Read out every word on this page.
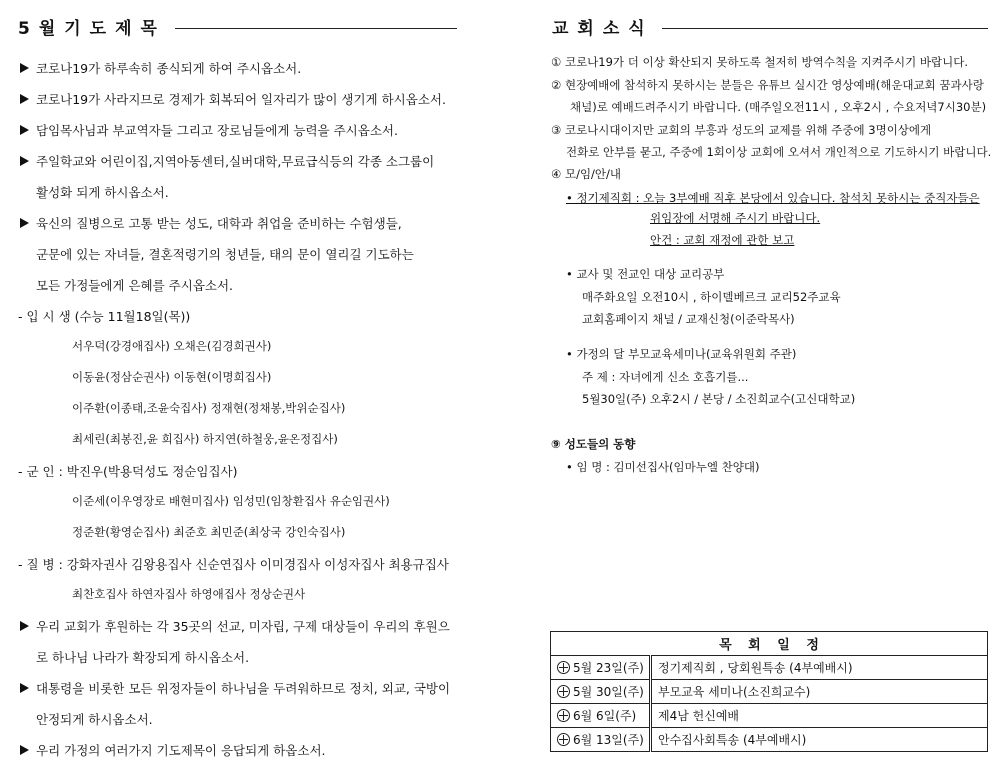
5월기도제목
코로나19가 하루속히 종식되게 하여 주시옵소서.
코로나19가 사라지므로 경제가 회복되어 일자리가 많이 생기게 하시옵소서.
담임목사님과 부교역자들 그리고 장로님들에게 능력을 주시옵소서.
주일학교와 어린이집,지역아동센터,실버대학,무료급식등의 각종 소그룹이
활성화 되게 하시옵소서.
육신의 질병으로 고통 받는 성도, 대학과 취업을 준비하는 수험생들,
군문에 있는 자녀들, 결혼적령기의 청년들, 태의 문이 열리길 기도하는
모든 가정들에게 은혜를 주시옵소서.
- 입 시 생 (수능 11월18일(목))
서우덕(강경애집사) 오채은(김경희권사)
이동윤(정삼순권사) 이동현(이명희집사)
이주환(이종태,조윤숙집사) 정재현(정채봉,박위순집사)
최세린(최봉진,윤 희집사) 하지연(하철웅,윤온정집사)
- 군 인 : 박진우(박용덕성도 정순임집사)
이준세(이우영장로 배현미집사) 임성민(임창환집사 유순임권사)
정준환(황영순집사) 최준호 최민준(최상국 강인숙집사)
- 질 병 : 강화자권사 김왕용집사 신순연집사 이미경집사 이성자집사 최용규집사
최찬호집사 하연자집사 하영애집사 정상순권사
우리 교회가 후원하는 각 35곳의 선교, 미자립, 구제 대상들이 우리의 후원으
로 하나님 나라가 확장되게 하시옵소서.
대통령을 비롯한 모든 위정자들이 하나님을 두려워하므로 정치, 외교, 국방이
안정되게 하시옵소서.
우리 가정의 여러가지 기도제목이 응답되게 하옵소서.
교회소식
① 코로나19가 더 이상 확산되지 못하도록 철저히 방역수칙을 지켜주시기 바랍니다.
② 현장예배에 참석하지 못하시는 분들은 유튜브 실시간 영상예배(해운대교회 꿈과사랑
채널)로 예배드려주시기 바랍니다. (매주일오전11시 , 오후2시 , 수요저녁7시30분)
③ 코로나시대이지만 교회의 부흥과 성도의 교제를 위해 주중에 3명이상에게
전화로 안부를 묻고, 주중에 1회이상 교회에 오셔서 개인적으로 기도하시기 바랍니다.
④ 모/임/안/내
• 정기제직회 : 오늘 3부예배 직후 본당에서 있습니다. 참석치 못하시는 중직자들은
위임장에 서명해 주시기 바랍니다.
안건 : 교회 재정에 관한 보고
• 교사 및 전교인 대상 교리공부
매주화요일 오전10시 , 하이델베르크 교리52주교육
교회홈페이지 채널 / 교재신청(이준락목사)
• 가정의 달 부모교육세미나(교육위원회 주관)
주 제 : 자녀에게 신소 호흡기를...
5월30일(주) 오후2시 / 본당 / 소진희교수(고신대학교)
⑨ 성도들의 동향
• 임 명 : 김미선집사(임마누엘 찬양대)
목 회 일 정	
5월 23일(주)	정기제직회 , 당회원특송 (4부예배시)
5월 30일(주)	부모교육 세미나(소진희교수)
6월 6일(주)	제4남 헌신예배
6월 13일(주)	안수집사회특송 (4부예배시)
